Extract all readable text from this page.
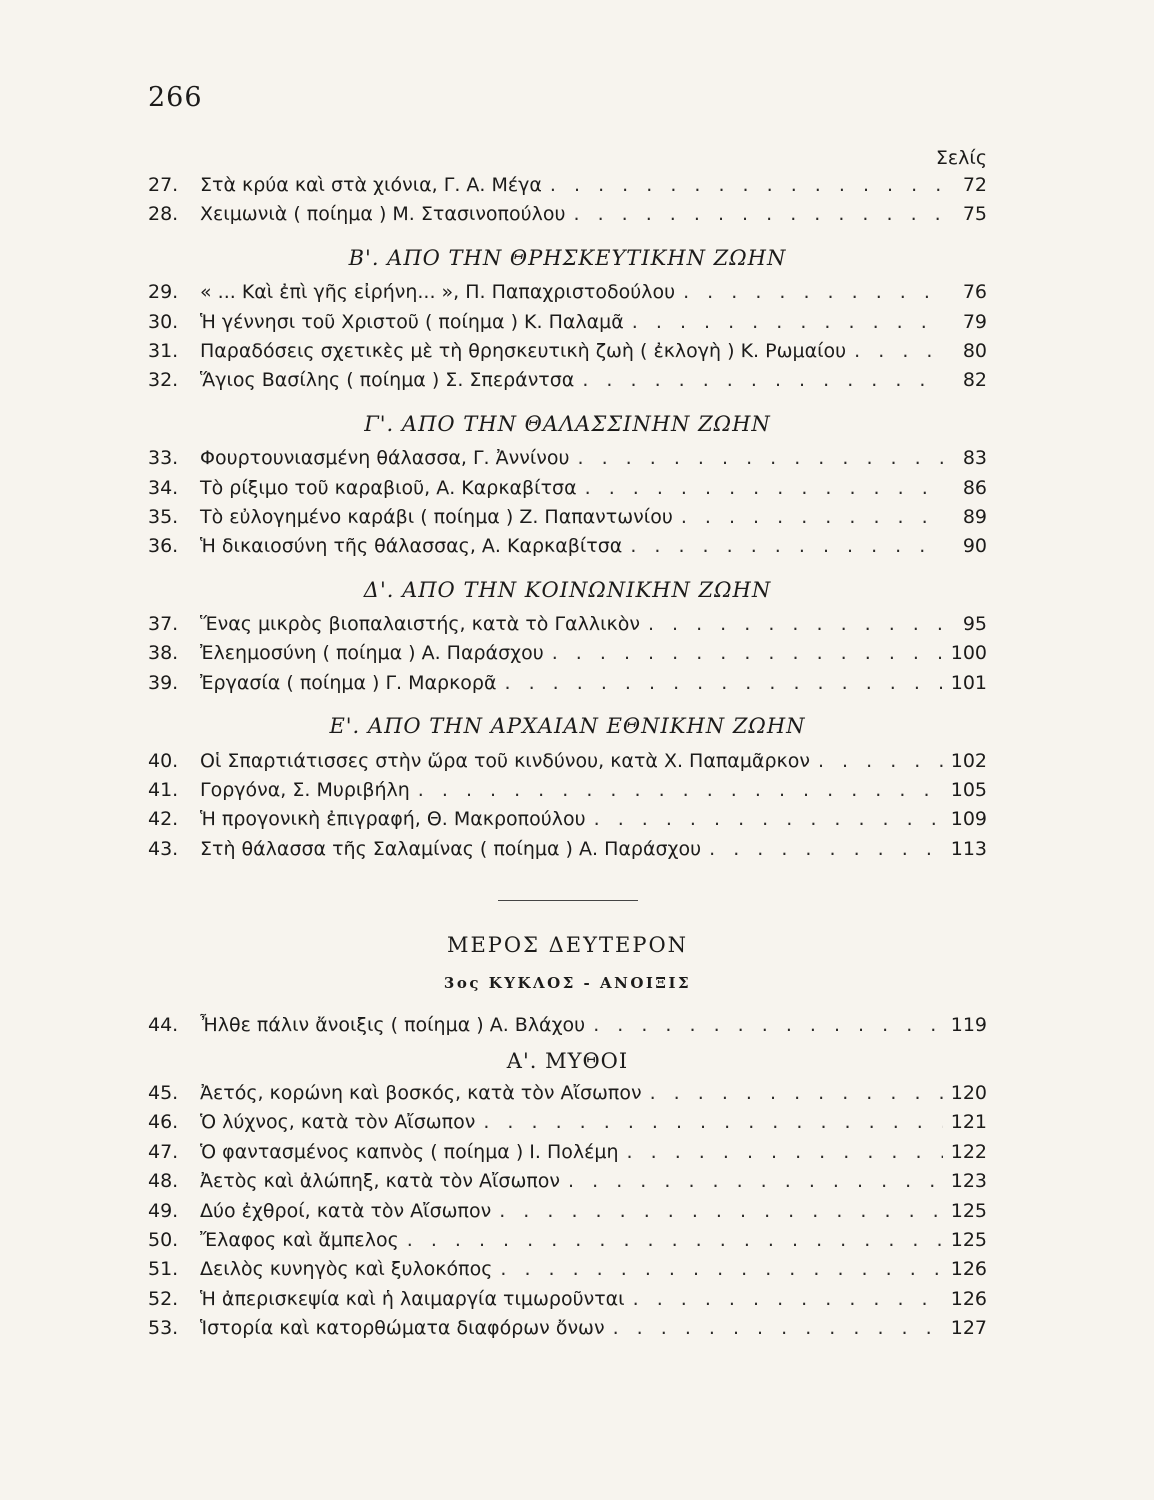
266
Σελίς
27.	Στὰ κρύα καὶ στὰ χιόνια, Γ. Α. Μέγα . . .	72
28.	Χειμωνιὰ ( ποίημα ) Μ. Στασινοπούλου . . .	75
Β'. ΑΠΟ ΤΗΝ ΘΡΗΣΚΕΥΤΙΚΗΝ ΖΩΗΝ
29.	« ... Καὶ ἐπὶ γῆς εἰρήνη... », Π. Παπαχριστοδούλου . . .	76
30.	Ἡ γέννησι τοῦ Χριστοῦ ( ποίημα ) Κ. Παλαμᾶ . . .	79
31.	Παραδόσεις σχετικὲς μὲ τὴ θρησκευτικὴ ζωὴ ( ἐκλογὴ ) Κ. Ρωμαίου . . .	80
32.	Ἅγιος Βασίλης ( ποίημα ) Σ. Σπεράντσα . . .	82
Γ'. ΑΠΟ ΤΗΝ ΘΑΛΑΣΣΙΝΗΝ ΖΩΗΝ
33.	Φουρτουνιασμένη θάλασσα, Γ. Ἀννίνου . . .	83
34.	Τὸ ρίξιμο τοῦ καραβιοῦ, Α. Καρκαβίτσα . . .	86
35.	Τὸ εὐλογημένο καράβι ( ποίημα ) Ζ. Παπαντωνίου . . .	89
36.	Ἡ δικαιοσύνη τῆς θάλασσας, Α. Καρκαβίτσα . . .	90
Δ'. ΑΠΟ ΤΗΝ ΚΟΙΝΩΝΙΚΗΝ ΖΩΗΝ
37.	Ἕνας μικρὸς βιοπαλαιστής, κατὰ τὸ Γαλλικὸν . . .	95
38.	Ἐλεημοσύνη ( ποίημα ) Α. Παράσχου . . .	100
39.	Ἐργασία ( ποίημα ) Γ. Μαρκορᾶ . . .	101
Ε'. ΑΠΟ ΤΗΝ ΑΡΧΑΙΑΝ ΕΘΝΙΚΗΝ ΖΩΗΝ
40.	Οἱ Σπαρτιάτισσες στὴν ὥρα τοῦ κινδύνου, κατὰ Χ. Παπαμᾶρκον . . .	102
41.	Γοργόνα, Σ. Μυριβήλη . . .	105
42.	Ἡ προγονικὴ ἐπιγραφή, Θ. Μακροπούλου . . .	109
43.	Στὴ θάλασσα τῆς Σαλαμίνας ( ποίημα ) Α. Παράσχου . . .	113
ΜΕΡΟΣ ΔΕΥΤΕΡΟΝ
3ος ΚΥΚΛΟΣ - ΑΝΟΙΞΙΣ
44.	Ἦλθε πάλιν ἄνοιξις ( ποίημα ) Α. Βλάχου . . .	119
Α'. ΜΥΘΟΙ
45.	Ἀετός, κορώνη καὶ βοσκός, κατὰ τὸν Αἴσωπον . . .	120
46.	Ὁ λύχνος, κατὰ τὸν Αἴσωπον . . .	121
47.	Ὁ φαντασμένος καπνὸς ( ποίημα ) Ι. Πολέμη . . .	122
48.	Ἀετὸς καὶ ἀλώπηξ, κατὰ τὸν Αἴσωπον . . .	123
49.	Δύο ἐχθροί, κατὰ τὸν Αἴσωπον . . .	125
50.	Ἔλαφος καὶ ἄμπελος . . .	125
51.	Δειλὸς κυνηγὸς καὶ ξυλοκόπος . . .	126
52.	Ἡ ἀπερισκεψία καὶ ἡ λαιμαργία τιμωροῦνται . . .	126
53.	Ἱστορία καὶ κατορθώματα διαφόρων ὄνων . . .	127
